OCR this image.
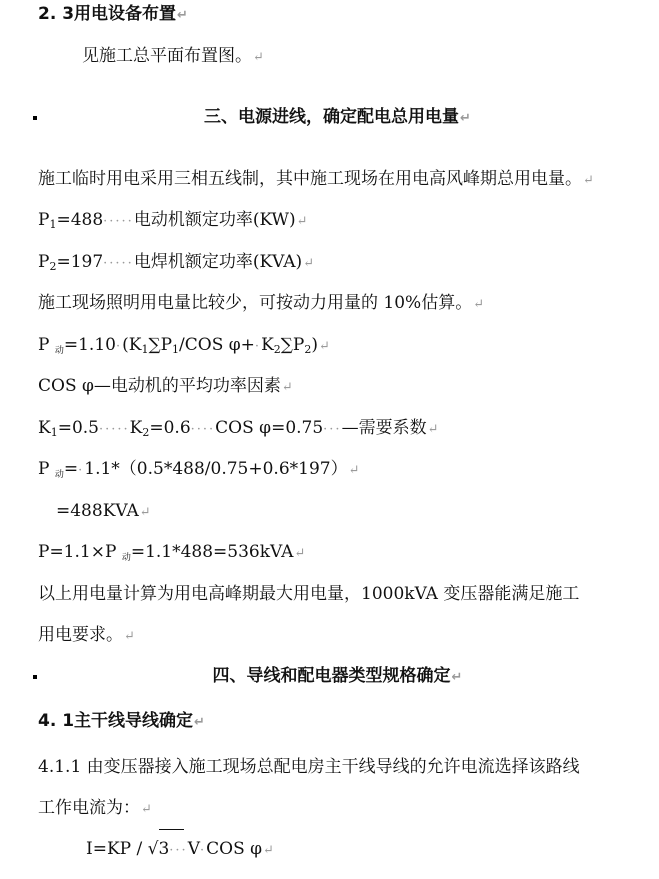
2. 3用电设备布置↵
见施工总平面布置图。↵
三、电源进线，确定配电总用电量↵
施工临时用电采用三相五线制，其中施工现场在用电高风峰期总用电量。↵
$P_1=488\cdot\cdot\cdot\cdot\cdot$电动机额定功率(KW)↵
$P_2=197\cdot\cdot\cdot\cdot\cdot$电焊机额定功率(KVA)↵
施工现场照明用电量比较少，可按动力用量的 10%估算。↵
P $_动=1.10\cdot(K_1\sum P_1$/COS $\varphi+\cdot K_2\sum P_2)↵$
COS φ—电动机的平均功率因素↵
$K_1=0.5\cdot\cdot\cdot\cdot\cdot K_2=0.6\cdot\cdot\cdot\cdot COS$ φ=0.75···—需要系数↵
P $_动$=·1.1*（0.5*488/0.75+0.6*197）↵
=488KVA↵
P=1.1×P $_动$=1.1*488=536kVA↵
以上用电量计算为用电高峰期最大用电量，1000kVA 变压器能满足施工
用电要求。↵
四、导线和配电器类型规格确定↵
4. 1主干线导线确定↵
4.1.1 由变压器接入施工现场总配电房主干线导线的允许电流选择该路线
工作电流为：↵
I=KP / √3···V·COS φ↵
